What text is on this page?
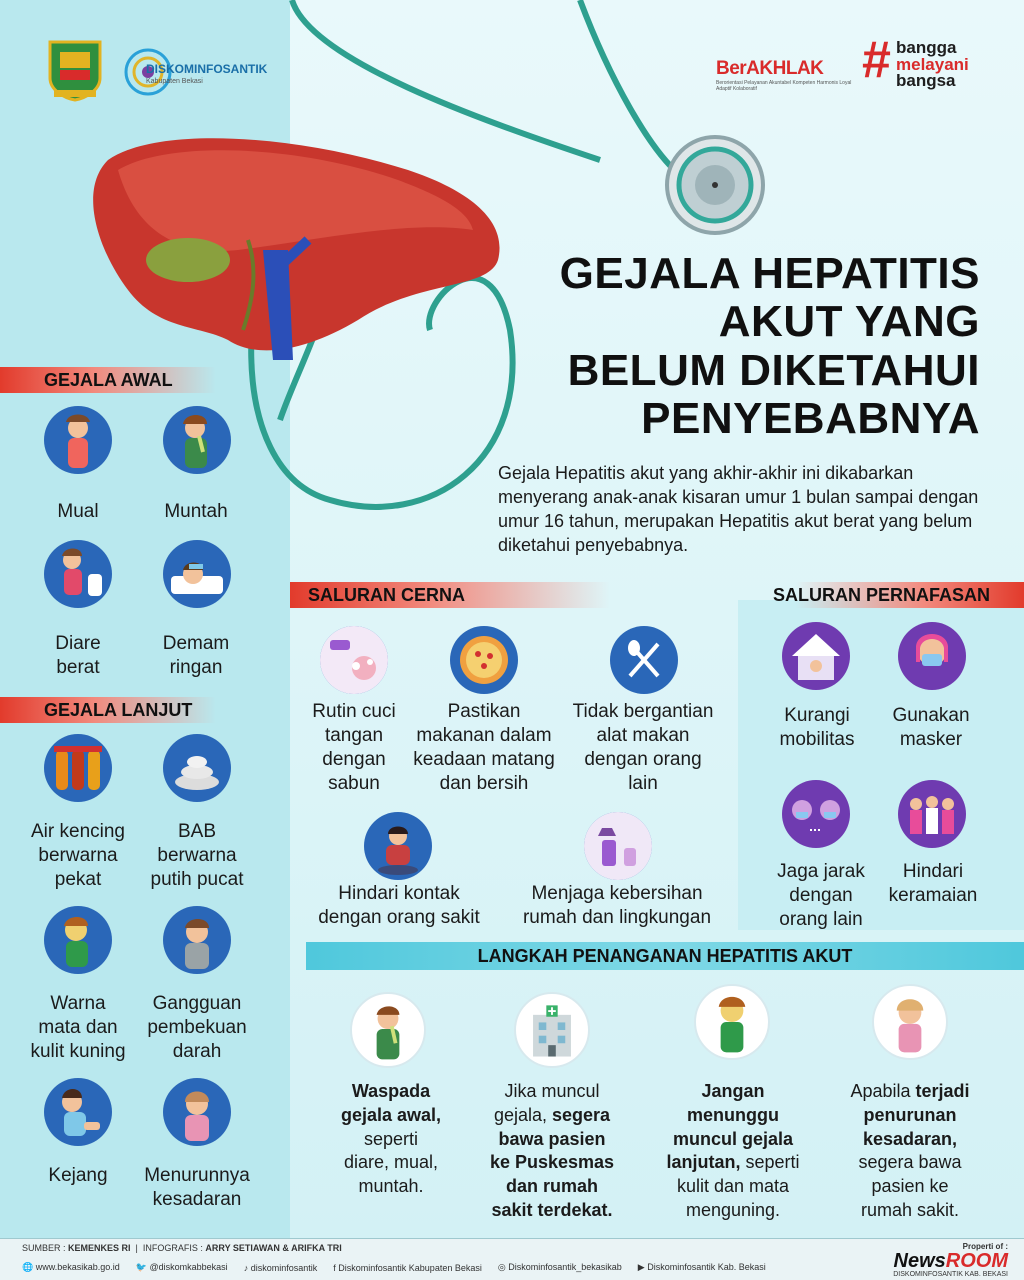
DISKOMINFOSANTIK
Kabupaten Bekasi
BerAKHLAK
Berorientasi Pelayanan Akuntabel Kompeten Harmonis Loyal Adaptif Kolaboratif	# bangga
melayani
bangsa
GEJALA HEPATITIS
AKUT YANG
BELUM DIKETAHUI
PENYEBABNYA
Gejala Hepatitis akut yang akhir-akhir ini dikabarkan menyerang anak-anak kisaran umur 1 bulan sampai dengan umur 16 tahun, merupakan Hepatitis akut berat yang belum diketahui penyebabnya.
GEJALA AWAL
Mual	Muntah
Diare
berat
Demam
ringan
GEJALA LANJUT
Air kencing
berwarna
pekat
BAB
berwarna
putih pucat
Warna
mata dan
kulit kuning
Gangguan
pembekuan
darah
Kejang	Menurunnya
kesadaran
SALURAN CERNA
Rutin cuci
tangan
dengan
sabun
Pastikan
makanan dalam
keadaan matang
dan bersih
Tidak bergantian
alat makan
dengan orang
lain
Hindari kontak
dengan orang sakit
Menjaga kebersihan
rumah dan lingkungan
SALURAN PERNAFASAN
Kurangi
mobilitas
Gunakan
masker
Jaga jarak
dengan
orang lain
Hindari
keramaian
LANGKAH PENANGANAN HEPATITIS AKUT
Waspada
gejala awal,
seperti
diare, mual,
muntah.
Jika muncul
gejala, segera
bawa pasien
ke Puskesmas
dan rumah
sakit terdekat.
Jangan
menunggu
muncul gejala
lanjutan, seperti
kulit dan mata
menguning.
Apabila terjadi
penurunan
kesadaran,
segera bawa
pasien ke
rumah sakit.
SUMBER : KEMENKES RI  |  INFOGRAFIS : ARRY SETIAWAN & ARIFKA TRI
🌐 www.bekasikab.go.id 🐦 @diskomkabbekasi ♪ diskominfosantik f Diskominfosantik Kabupaten Bekasi ◎ Diskominfosantik_bekasikab ▶ Diskominfosantik Kab. Bekasi
Properti of :
NewsROOM
DISKOMINFOSANTIK KAB. BEKASI
